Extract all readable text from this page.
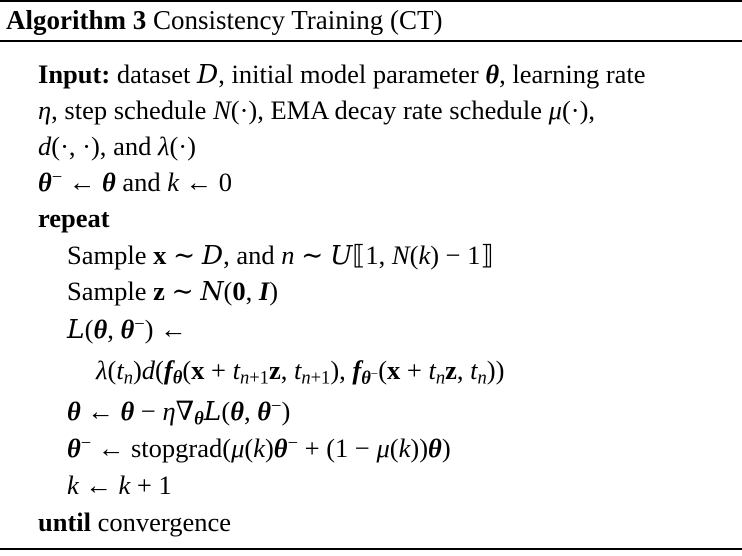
Algorithm 3 Consistency Training (CT)
Input: dataset D, initial model parameter θ, learning rate
η, step schedule N(·), EMA decay rate schedule μ(·),
d(·, ·), and λ(·)
θ− ← θ and k ← 0
repeat
Sample x ∼ D, and n ∼ U⟦1, N(k) − 1⟧
Sample z ∼ N(0, I)
L(θ, θ−) ←
$\lambda(t_n)d(f_\theta(x + t_{n+1}z$, $t_{n+1}$), $f_{\theta^-}(x + t_nz$, $t_n$))
θ ← $\theta - \eta\nabla_\theta L(\theta$, θ−)
θ− ← stopgrad(μ(k)θ− + (1 − μ(k))θ)
k ← k + 1
until convergence
